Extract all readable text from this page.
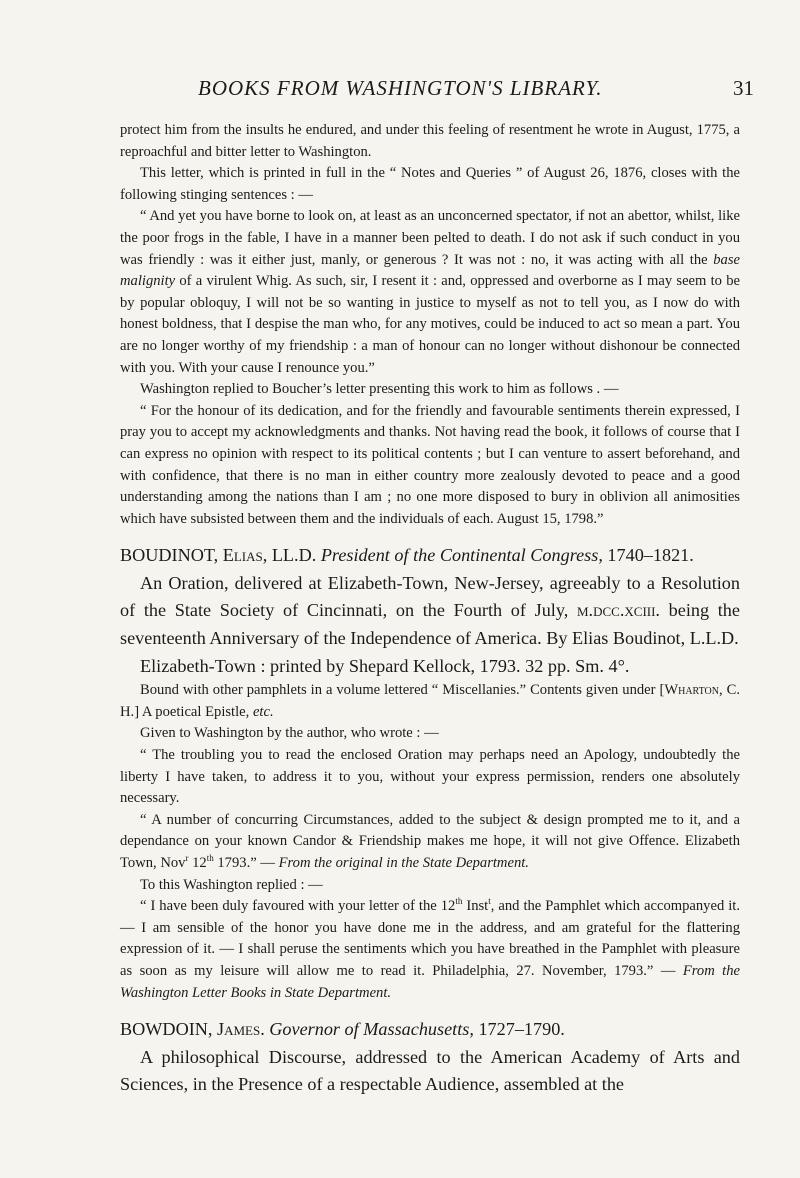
BOOKS FROM WASHINGTON'S LIBRARY.	31

protect him from the insults he endured, and under this feeling of resentment he wrote in August, 1775, a reproachful and bitter letter to Washington.

This letter, which is printed in full in the “ Notes and Queries ” of August 26, 1876, closes with the following stinging sentences : —

“ And yet you have borne to look on, at least as an unconcerned spectator, if not an abettor, whilst, like the poor frogs in the fable, I have in a manner been pelted to death. I do not ask if such conduct in you was friendly : was it either just, manly, or generous ? It was not : no, it was acting with all the base malignity of a virulent Whig. As such, sir, I resent it : and, oppressed and overborne as I may seem to be by popular obloquy, I will not be so wanting in justice to myself as not to tell you, as I now do with honest boldness, that I despise the man who, for any motives, could be induced to act so mean a part. You are no longer worthy of my friendship : a man of honour can no longer without dishonour be connected with you. With your cause I renounce you.”

Washington replied to Boucher’s letter presenting this work to him as follows . —

“ For the honour of its dedication, and for the friendly and favourable sentiments therein expressed, I pray you to accept my acknowledgments and thanks. Not having read the book, it follows of course that I can express no opinion with respect to its political contents ; but I can venture to assert beforehand, and with confidence, that there is no man in either country more zealously devoted to peace and a good understanding among the nations than I am ; no one more disposed to bury in oblivion all animosities which have subsisted between them and the individuals of each. August 15, 1798.”

BOUDINOT, Elias, LL.D. President of the Continental Congress, 1740–1821.

An Oration, delivered at Elizabeth-Town, New-Jersey, agreeably to a Resolution of the State Society of Cincinnati, on the Fourth of July, m.dcc.xciii. being the seventeenth Anniversary of the Independence of America. By Elias Boudinot, L.L.D.

Elizabeth-Town : printed by Shepard Kellock, 1793. 32 pp. Sm. 4°.

Bound with other pamphlets in a volume lettered “ Miscellanies.” Contents given under [Wharton, C. H.] A poetical Epistle, etc.

Given to Washington by the author, who wrote : —

“ The troubling you to read the enclosed Oration may perhaps need an Apology, undoubtedly the liberty I have taken, to address it to you, without your express permission, renders one absolutely necessary.

“ A number of concurring Circumstances, added to the subject & design prompted me to it, and a dependance on your known Candor & Friendship makes me hope, it will not give Offence. Elizabeth Town, Nov$^r$ 12th 1793.” — From the original in the State Department.

To this Washington replied : —

“ I have been duly favoured with your letter of the 12th Inst$^t$, and the Pamphlet which accompanyed it. — I am sensible of the honor you have done me in the address, and am grateful for the flattering expression of it. — I shall peruse the sentiments which you have breathed in the Pamphlet with pleasure as soon as my leisure will allow me to read it. Philadelphia, 27. November, 1793.” — From the Washington Letter Books in State Department.

BOWDOIN, James. Governor of Massachusetts, 1727–1790.

A philosophical Discourse, addressed to the American Academy of Arts and Sciences, in the Presence of a respectable Audience, assembled at the
